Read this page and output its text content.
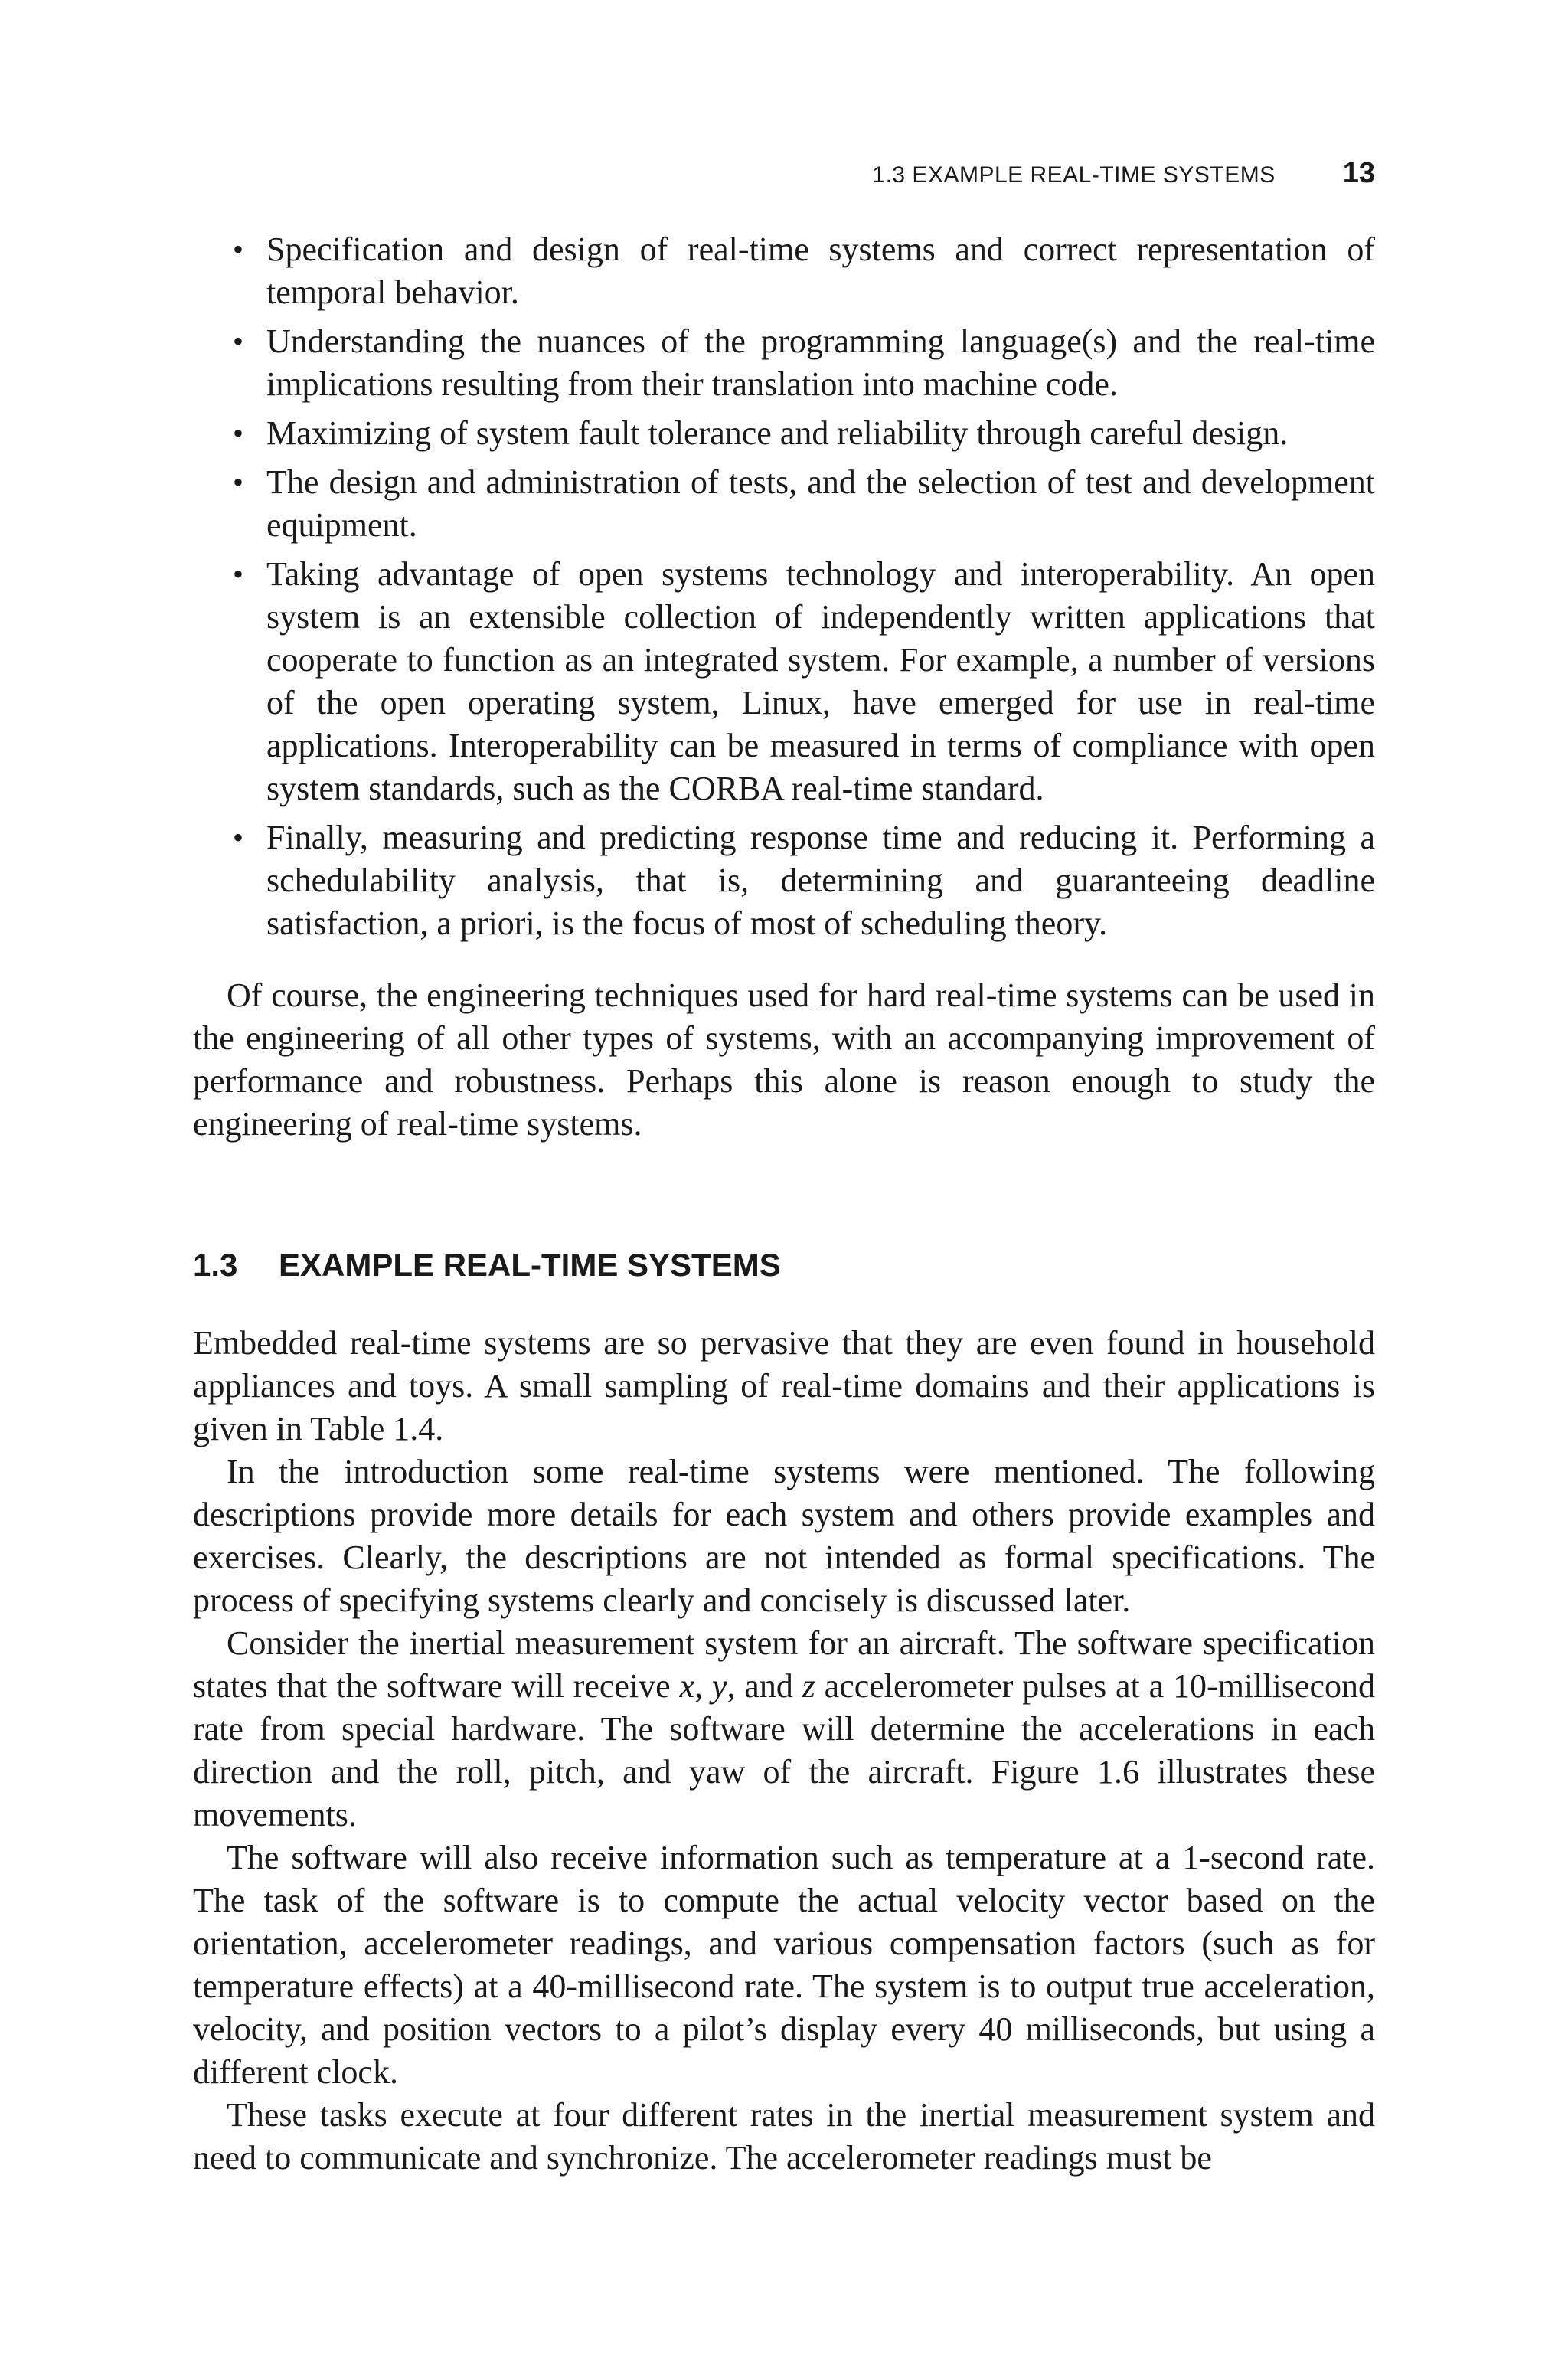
1.3 EXAMPLE REAL-TIME SYSTEMS 13
• Specification and design of real-time systems and correct representation of temporal behavior.
• Understanding the nuances of the programming language(s) and the real-time implications resulting from their translation into machine code.
• Maximizing of system fault tolerance and reliability through careful design.
• The design and administration of tests, and the selection of test and development equipment.
• Taking advantage of open systems technology and interoperability. An open system is an extensible collection of independently written applications that cooperate to function as an integrated system. For example, a number of versions of the open operating system, Linux, have emerged for use in real-time applications. Interoperability can be measured in terms of compliance with open system standards, such as the CORBA real-time standard.
• Finally, measuring and predicting response time and reducing it. Performing a schedulability analysis, that is, determining and guaranteeing deadline satisfaction, a priori, is the focus of most of scheduling theory.

Of course, the engineering techniques used for hard real-time systems can be used in the engineering of all other types of systems, with an accompanying improvement of performance and robustness. Perhaps this alone is reason enough to study the engineering of real-time systems.

1.3	EXAMPLE REAL-TIME SYSTEMS

Embedded real-time systems are so pervasive that they are even found in household appliances and toys. A small sampling of real-time domains and their applications is given in Table 1.4.

In the introduction some real-time systems were mentioned. The following descriptions provide more details for each system and others provide examples and exercises. Clearly, the descriptions are not intended as formal specifications. The process of specifying systems clearly and concisely is discussed later.

Consider the inertial measurement system for an aircraft. The software specification states that the software will receive x, y, and z accelerometer pulses at a 10-millisecond rate from special hardware. The software will determine the accelerations in each direction and the roll, pitch, and yaw of the aircraft. Figure 1.6 illustrates these movements.

The software will also receive information such as temperature at a 1-second rate. The task of the software is to compute the actual velocity vector based on the orientation, accelerometer readings, and various compensation factors (such as for temperature effects) at a 40-millisecond rate. The system is to output true acceleration, velocity, and position vectors to a pilot’s display every 40 milliseconds, but using a different clock.

These tasks execute at four different rates in the inertial measurement system and need to communicate and synchronize. The accelerometer readings must be
